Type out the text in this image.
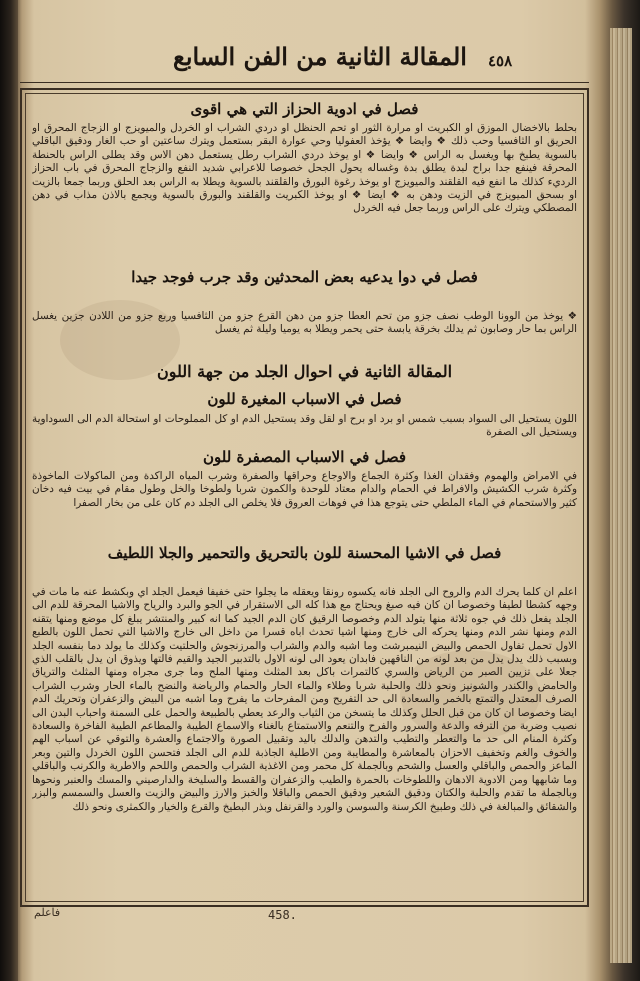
المقالة الثانية من الفن السابع	٤٥٨
فصل في ادوية الحزاز التي هي اقوى
بحلط بالاخضال الموزق او الكبريت او مرارة الثور او تحم الحنظل او دردي الشراب او الخردل والميويزج او الزجاج المحرق او الحريق او الثافسيا وحب ذلك ❖ وايضا ❖ يؤخذ العفوليا وحي عوارة البقر بستعمل ويترك ساعتين او حب الغار ودقيق الباقلي بالسوية يطبخ بها ويغسل به الراس ❖ وايضا ❖ او يوخذ دردي الشراب رطل يستعمل دهن الاس وقد يطلى الراس بالحنطة المحرقة فينفع جدا براح لبدة يطلق بدة وغساله يحول الجحل خصوصا للاعرابي شديد النفع والزجاج المحرق في باب الحزاز الرديء كذلك ما انفع فيه القلقند والميويزج او يوخذ رغوة البورق والقلقند بالسوية ويطلا به الراس بعد الحلق وربما جمعا بالزيت او بسحق الميويزج في الزيت ودهن به ❖ ايضا ❖ او يوخذ الكبريت والقلقند والبورق بالسوية ويجمع بالاذن مذاب في دهن المصطكي ويترك على الراس وربما جعل فيه الخردل
فصل في دوا يدعيه بعض المحدثين وقد جرب فوجد جيدا
❖ يوخذ من الوونا الوطب نصف جزو من تحم العطا جزو من دهن القرع جزو من الثافسيا وربع جزو من اللادن جزين يغسل الراس بما حار وصابون ثم يدلك بخرقة يابسة حتى يحمر ويطلا به يوميا وليلة ثم يغسل
المقالة الثانية في احوال الجلد من جهة اللون
فصل في الاسباب المغيرة للون
اللون يستحيل الى السواد بسبب شمس او برد او برح او لقل وقد يستحيل الدم او كل المملوحات او استحالة الدم الى السوداوية ويستحيل الى الصفرة
فصل في الاسباب المصفرة للون
في الامراض والهموم وفقدان الغذا وكثرة الجماع والاوجاع وحراقها والصفرة وشرب المياه الراكدة ومن الماكولات الماخوذة وكثرة شرب الكشيش والافراط في الحمام والدام معتاد للوحدة والكمون شربا ولطوخا والخل وطول مقام في بيت فيه دخان كثير والاستحمام في الماء الملطي حتى يتوجع هذا في فوهات العروق فلا يخلص الى الجلد دم كان على من بخار الصفرا
فصل في الاشيا المحسنة للون بالتحريق والتحمير والجلا اللطيف
اعلم ان كلما يحرك الدم والروح الى الجلد فانه يكسوه رونقا ويعقله ما يجلوا حتى خفيفا فيعمل الجلد اي وبكشط عنه ما مات في وجهه كشطا لطيفا وخصوصا ان كان فيه صبغ ويحتاج مع هذا كله الى الاستقرار في الجو والبرد والرياح والاشيا المحرقة للدم الى الجلد يفعل ذلك في جوه ثلاثة منها يتولد الدم وخصوصا الرقيق كان الدم الجيد كما انه كبير والمنتشر يبلغ كل موضع ومنها يتقنه الدم ومنها نشر الدم ومنها يحركه الى خارج ومنها اشيا تحدث اباه قسرا من داخل الى خارج والاشيا التي تحمل اللون بالطبع الاول تحمل تفاول الحمص والبيض النيمبرشت وما اشبه والدم والشراب والمرزنجوش والحلتيت وكذلك ما يولد دما بنفسه الجلد وبسبب ذلك يدل يدل من بعد لونه من الناقهين فابدان يعود الى لونه الاول بالتدبير الجيد والقيم فالتها ويذوق ان يدل بالقلب الذي جعلا على تزيين الصبر من الرياض والسري كالتمرات باكل بعد المثلث ومنها الملح وما جرى مجراه ومنها المثلث والترياق والحامض والكندر والشونيز ونحو ذلك والحلبة شربا وطلاء والماء الحار والحمام والرياضة والنضح بالماء الحار وشرب الشراب الصرف المعتدل والتمتع بالخمر والسعادة الى حد التفريح ومن المفرحات ما يفرح وما اشبه من البيض والزعفران وتحريك الدم ايضا وخصوصا ان كان من قبل الحلل وكذلك ما يتسخن من الثياب والرعد يعطي بالطبيعة والحمل على السمنة واحباب البدن الى نصيب وضربة من الترفه والدعة والسرور والفرح والتنعم والاستمتاع بالغناء والاسماع الطيبة والمطاعم الطيبة الفاخرة والسعادة وكثرة المنام الى حد ما والتعطر والتطيب والتدهن والدلك باليد وتقبيل الصورة والاجتماع والعشرة والتوقي عن اسباب الهم والخوف والغم وتخفيف الاحزان بالمعاشرة والمطايبة ومن الاطلية الجاذبة للدم الى الجلد فتحسن اللون الخردل والتين وبعر الماعز والحمص والباقلي والعسل والشحم وبالجملة كل محمر ومن الاغذية الشراب والحمص واللحم والاطرية والكرنب والباقلي وما شابهها ومن الادوية الادهان واللطوخات بالحمرة والطيب والزعفران والقسط والسليخة والدارصيني والمسك والعنبر ونحوها وبالجملة ما تقدم والحلبة والكتان ودقيق الشعير ودقيق الحمص والباقلا والخبز والارز والبيض والزيت والعسل والسمسم والبزر والشقائق والمبالغة في ذلك وطبيخ الكرسنة والسوسن والورد والقرنفل وبذر البطيخ والقرع والخيار والكمثرى ونحو ذلك
فاعلم	458.
